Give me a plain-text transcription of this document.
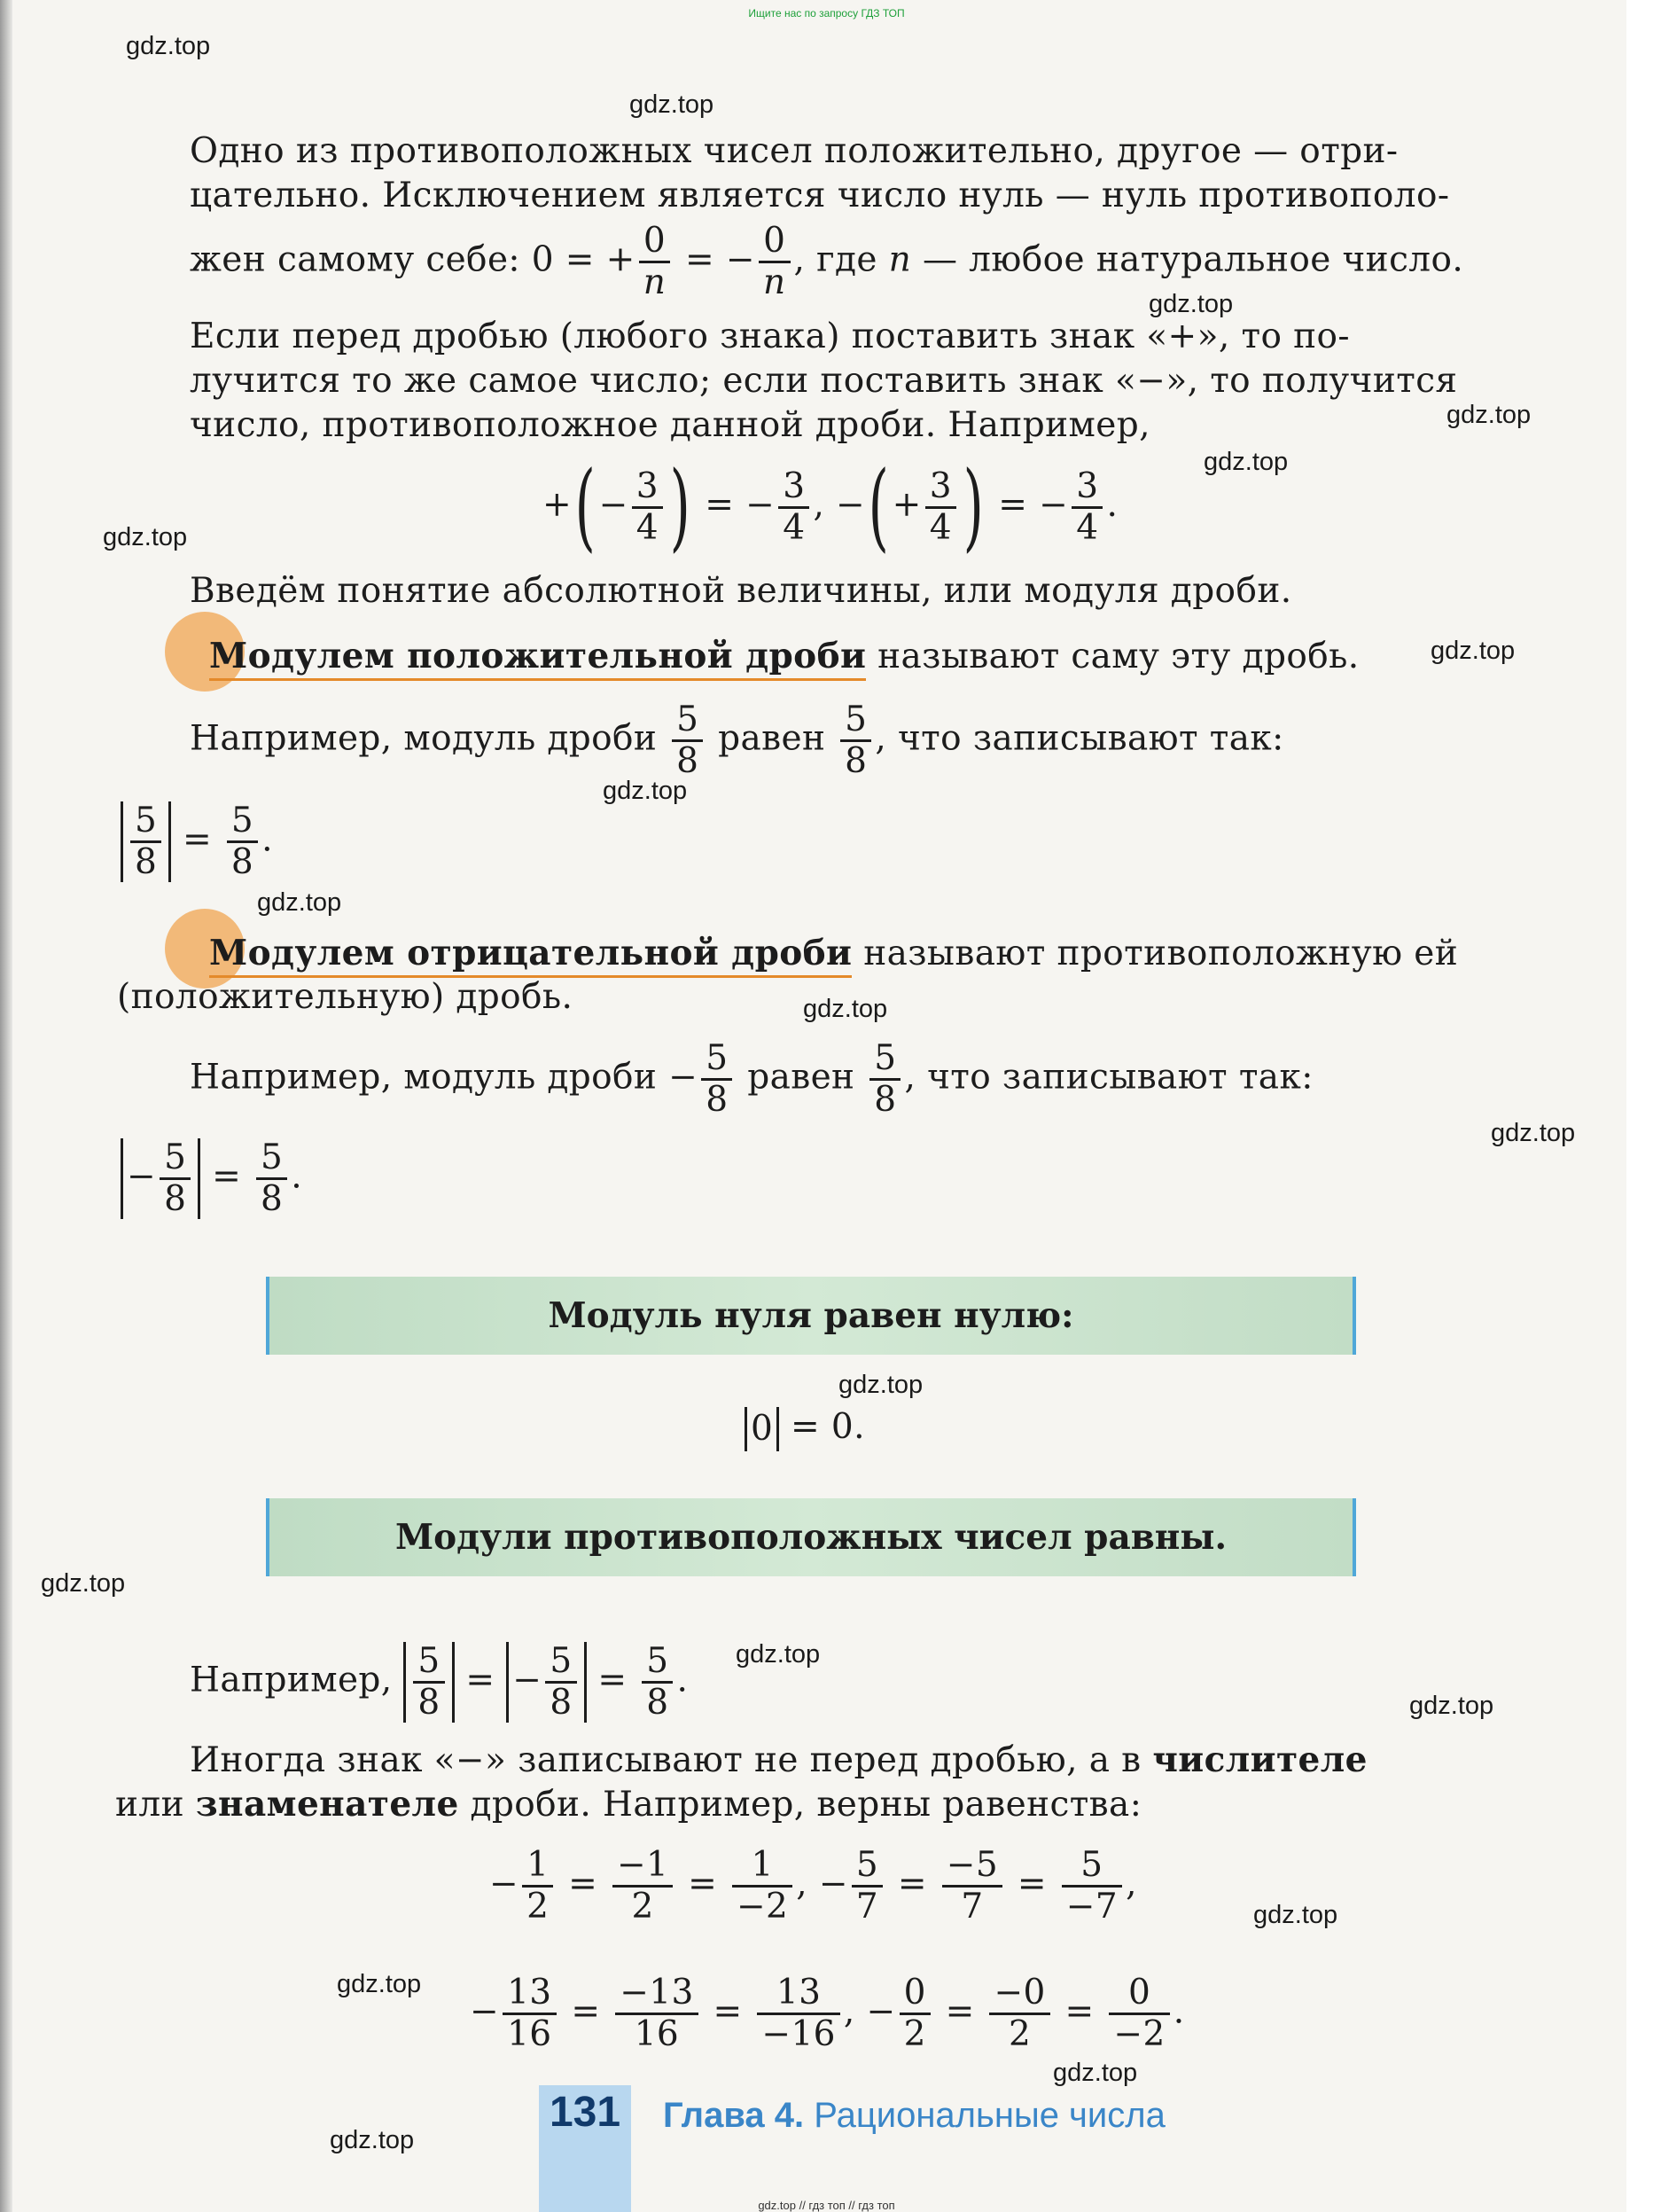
Ищите нас по запросу ГДЗ ТОП
gdz.top
gdz.top
gdz.top
gdz.top
gdz.top
gdz.top
gdz.top
gdz.top
gdz.top
gdz.top
gdz.top
gdz.top
gdz.top
gdz.top
gdz.top
gdz.top
gdz.top
gdz.top
gdz.top
Одно из противоположных чисел положительно, другое — отри-
цательно. Исключением является число нуль — нуль противополо-
жен самому себе: 0 = + $\frac{0}{n}$ = − $\frac{0}{n}$ , где n — любое натуральное число.
Если перед дробью (любого знака) поставить знак «+», то по-
лучится то же самое число; если поставить знак «−», то получится
число, противоположное данной дроби. Например,
+(− $\frac{3}{4}$ ) = − $\frac{3}{4}$ , −(+ $\frac{3}{4}$ ) = − $\frac{3}{4}$ .
Введём понятие абсолютной величины, или модуля дроби.
Модулем положительной дроби называют саму эту дробь.
Например, модуль дроби $\frac{5}{8}$ равен $\frac{5}{8}$ , что записывают так:
$\frac{5}{8} = \frac{5}{8}$ .
Модулем отрицательной дроби называют противоположную ей
(положительную) дробь.
Например, модуль дроби − $\frac{5}{8}$ равен $\frac{5}{8}$ , что записывают так:
− $\frac{5}{8} = \frac{5}{8}$ .
Модуль нуля равен нулю:
0 = 0.
Модули противоположных чисел равны.
Например, $\frac{5}{8}$ = − $\frac{5}{8} = \frac{5}{8}$ .
Иногда знак «−» записывают не перед дробью, а в числителе
или знаменателе дроби. Например, верны равенства:
− $\frac{1}{2} = \frac{-1}{2} = \frac{1}{-2}$ , − $\frac{5}{7} = \frac{-5}{7} = \frac{5}{-7}$ ,
− $\frac{13}{16} = \frac{-13}{16} = \frac{13}{-16}$ , − $\frac{0}{2} = \frac{-0}{2} = \frac{0}{-2}$ .
131 Глава 4. Рациональные числа
gdz.top // гдз топ // гдз топ
